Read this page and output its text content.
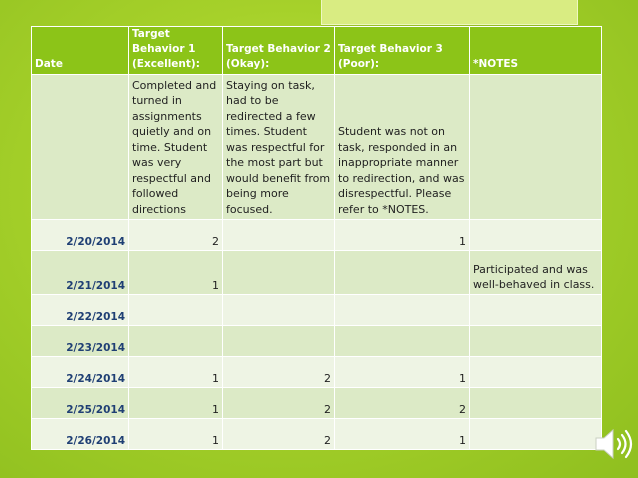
Date	Target Behavior 1 (Excellent):	Target Behavior 2 (Okay):	Target Behavior 3 (Poor):	*NOTES
	Completed and turned in assignments quietly and on time. Student was very respectful and followed directions	Staying on task, had to be redirected a few times. Student was respectful for the most part but would benefit from being more focused.	Student was not on task, responded in an inappropriate manner to redirection, and was disrespectful. Please refer to *NOTES.	
2/20/2014	2		1	
2/21/2014	1			Participated and was well-behaved in class.
2/22/2014				
2/23/2014				
2/24/2014	1	2	1	
2/25/2014	1	2	2	
2/26/2014	1	2	1	
